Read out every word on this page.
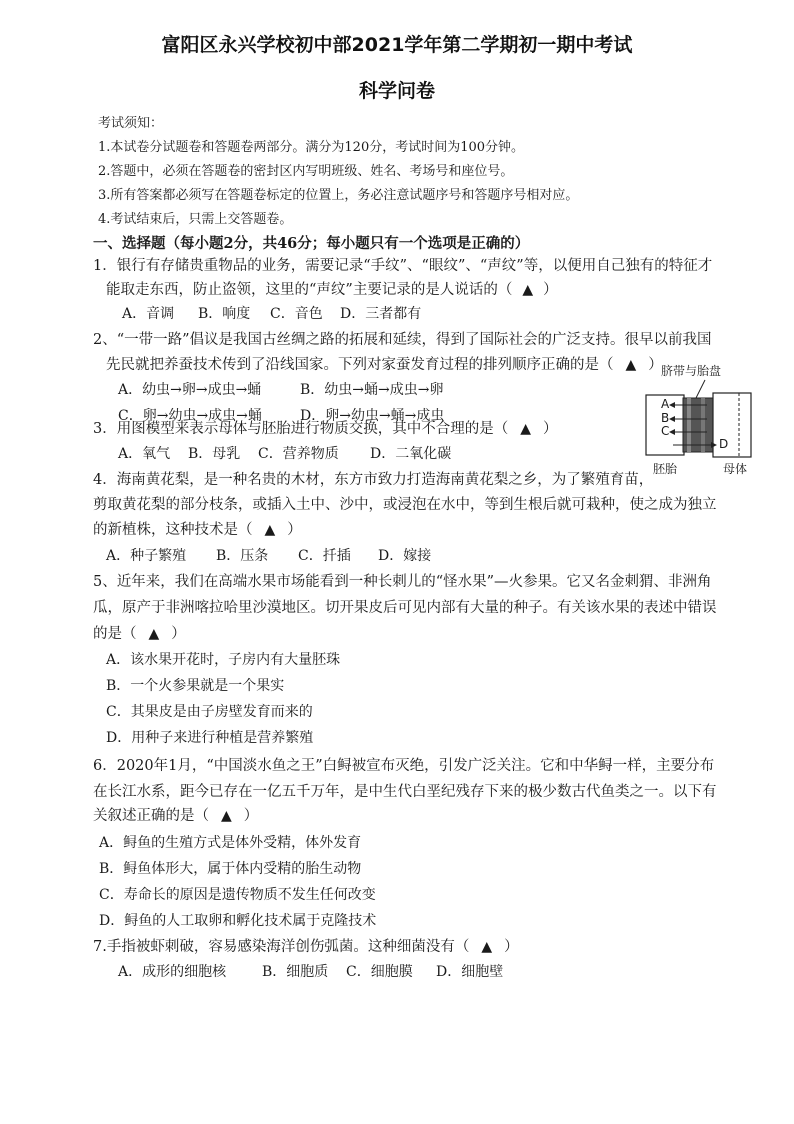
富阳区永兴学校初中部2021学年第二学期初一期中考试
科学问卷
考试须知：
1.本试卷分试题卷和答题卷两部分。满分为120分，考试时间为100分钟。
2.答题中，必须在答题卷的密封区内写明班级、姓名、考场号和座位号。
3.所有答案都必须写在答题卷标定的位置上，务必注意试题序号和答题序号相对应。
4.考试结束后，只需上交答题卷。
一、选择题（每小题2分，共46分；每小题只有一个选项是正确的）
1．银行有存储贵重物品的业务，需要记录“手纹”、“眼纹”、“声纹”等，以便用自己独有的特征才
能取走东西，防止盗领，这里的“声纹”主要记录的是人说话的（ ▲ ）
A．音调 B．响度 C．音色 D．三者都有
2、“一带一路”倡议是我国古丝绸之路的拓展和延续，得到了国际社会的广泛支持。很早以前我国
先民就把养蚕技术传到了沿线国家。下列对家蚕发育过程的排列顺序正确的是（ ▲ ）
A．幼虫→卵→成虫→蛹	B．幼虫→蛹→成虫→卵
C．卵→幼虫→成虫→蛹	D．卵→幼虫→蛹→成虫
脐带与胎盘
A
B
C
D
胚胎	母体
3．用图模型来表示母体与胚胎进行物质交换，其中不合理的是（ ▲ ）
A．氧气 B．母乳 C．营养物质 D．二氧化碳
4．海南黄花梨，是一种名贵的木材，东方市致力打造海南黄花梨之乡，为了繁殖育苗，
剪取黄花梨的部分枝条，或插入土中、沙中，或浸泡在水中，等到生根后就可栽种，使之成为独立
的新植株，这种技术是（ ▲ ）
A．种子繁殖 B．压条 C．扦插 D．嫁接
5、近年来，我们在高端水果市场能看到一种长刺儿的“怪水果”—火参果。它又名金刺猬、非洲角
瓜，原产于非洲喀拉哈里沙漠地区。切开果皮后可见内部有大量的种子。有关该水果的表述中错误
的是（ ▲ ）
A．该水果开花时，子房内有大量胚珠
B．一个火参果就是一个果实
C．其果皮是由子房壁发育而来的
D．用种子来进行种植是营养繁殖
6．2020年1月，“中国淡水鱼之王”白鲟被宣布灭绝，引发广泛关注。它和中华鲟一样，主要分布
在长江水系，距今已存在一亿五千万年，是中生代白垩纪残存下来的极少数古代鱼类之一。以下有
关叙述正确的是（ ▲ ）
A．鲟鱼的生殖方式是体外受精，体外发育
B．鲟鱼体形大，属于体内受精的胎生动物
C．寿命长的原因是遗传物质不发生任何改变
D．鲟鱼的人工取卵和孵化技术属于克隆技术
7.手指被虾刺破，容易感染海洋创伤弧菌。这种细菌没有（ ▲ ）
A．成形的细胞核	B．细胞质 C．细胞膜 D．细胞壁
